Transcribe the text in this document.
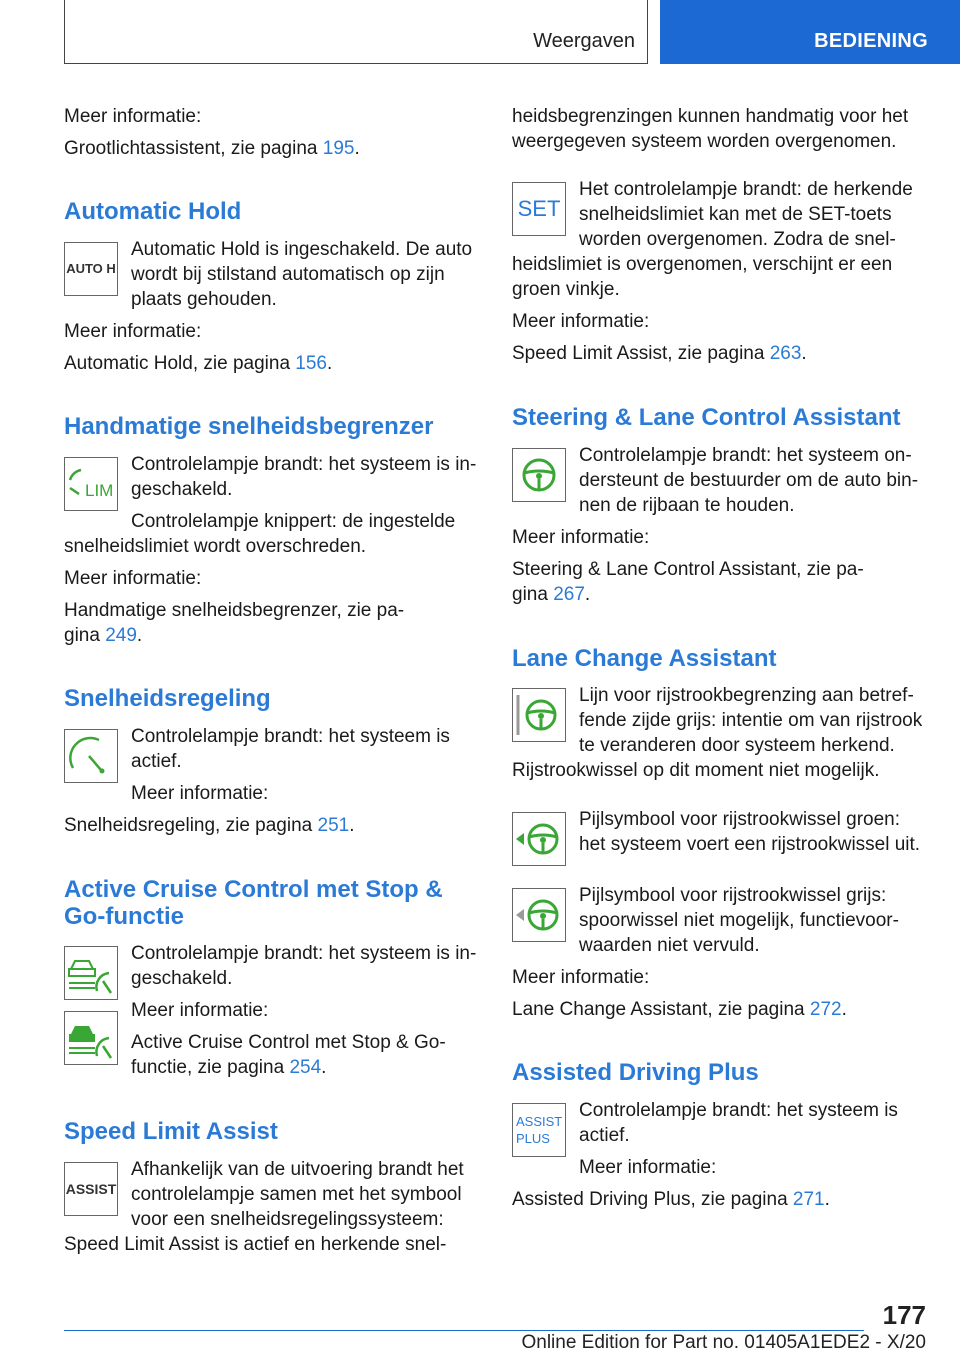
Weergaven	BEDIENING

Meer informatie:

Grootlichtassistent, zie pagina 195.

Automatic Hold
AUTO H

Automatic Hold is ingeschakeld. De auto

wordt bij stilstand automatisch op zijn

plaats gehouden.

Meer informatie:

Automatic Hold, zie pagina 156.

Handmatige snelheidsbegrenzer
LIM

Controlelampje brandt: het systeem is in-

geschakeld.

Controlelampje knippert: de ingestelde

snelheidslimiet wordt overschreden.

Meer informatie:

Handmatige snelheidsbegrenzer, zie pa-

gina 249.

Snelheidsregeling

Controlelampje brandt: het systeem is

actief.

Meer informatie:

Snelheidsregeling, zie pagina 251.

Active Cruise Control met Stop &
Go-functie

Controlelampje brandt: het systeem is in-

geschakeld.

Meer informatie:

Active Cruise Control met Stop & Go-

functie, zie pagina 254.

Speed Limit Assist
ASSIST

Afhankelijk van de uitvoering brandt het

controlelampje samen met het symbool

voor een snelheidsregelingssysteem:

Speed Limit Assist is actief en herkende snel-

heidsbegrenzingen kunnen handmatig voor het

weergegeven systeem worden overgenomen.

SET

Het controlelampje brandt: de herkende

snelheidslimiet kan met de SET-toets

worden overgenomen. Zodra de snel-

heidslimiet is overgenomen, verschijnt er een

groen vinkje.

Meer informatie:

Speed Limit Assist, zie pagina 263.

Steering & Lane Control Assistant

Controlelampje brandt: het systeem on-

dersteunt de bestuurder om de auto bin-

nen de rijbaan te houden.

Meer informatie:

Steering & Lane Control Assistant, zie pa-

gina 267.

Lane Change Assistant

Lijn voor rijstrookbegrenzing aan betref-

fende zijde grijs: intentie om van rijstrook

te veranderen door systeem herkend.

Rijstrookwissel op dit moment niet mogelijk.

Pijlsymbool voor rijstrookwissel groen:

het systeem voert een rijstrookwissel uit.

Pijlsymbool voor rijstrookwissel grijs:

spoorwissel niet mogelijk, functievoor-

waarden niet vervuld.

Meer informatie:

Lane Change Assistant, zie pagina 272.

Assisted Driving Plus
ASSIST
PLUS

Controlelampje brandt: het systeem is

actief.

Meer informatie:

Assisted Driving Plus, zie pagina 271.

177
Online Edition for Part no. 01405A1EDE2 - X/20
